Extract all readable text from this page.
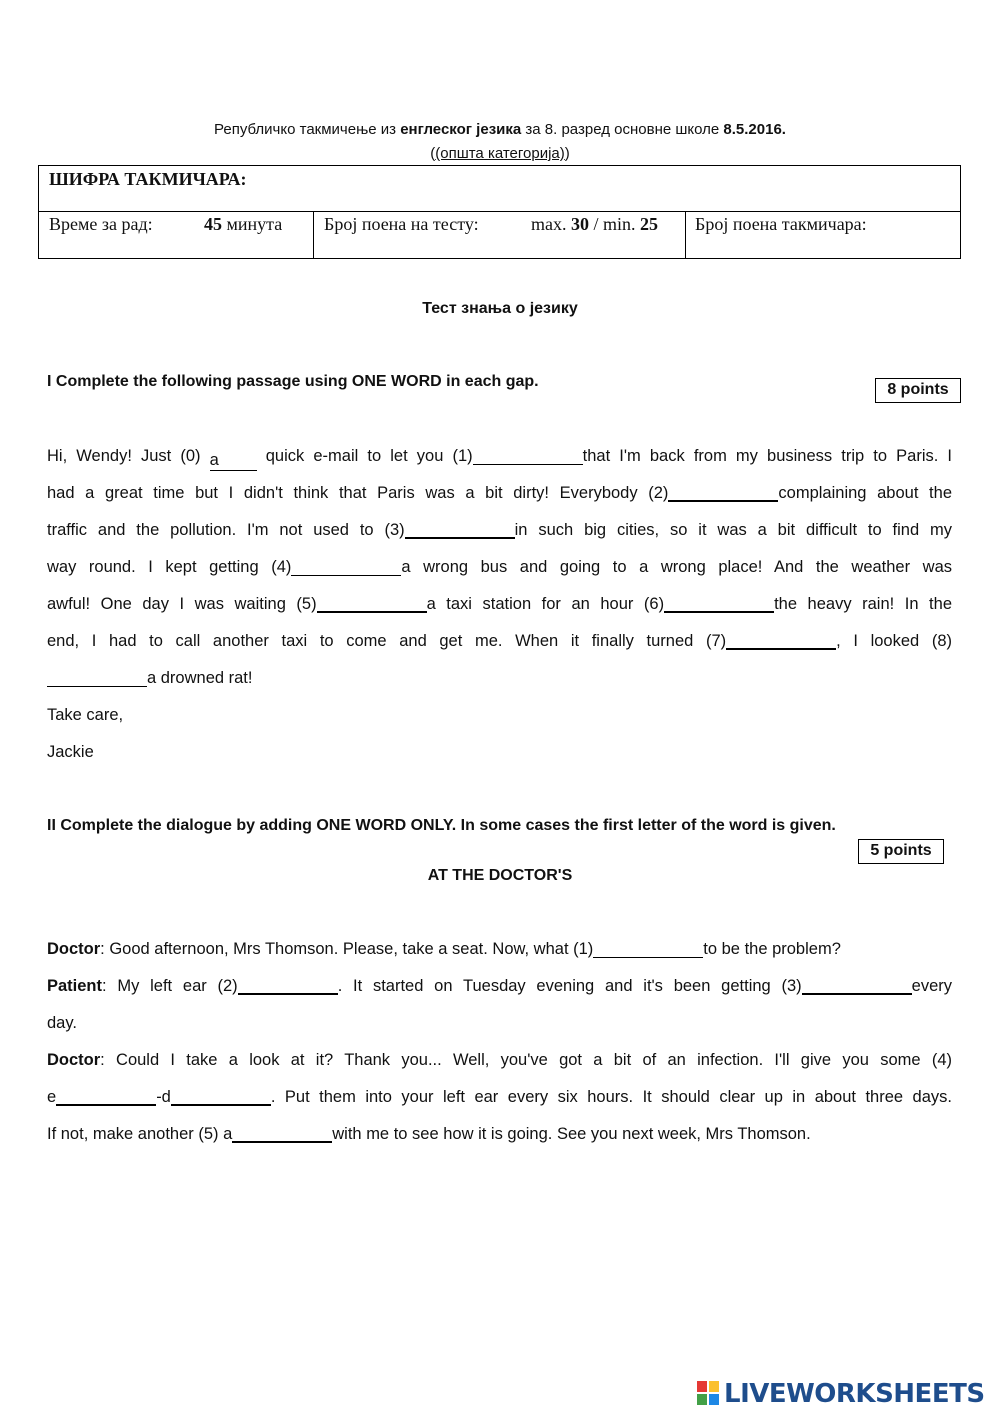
Републичко такмичење из енглеског језика за 8. разред основне школе 8.5.2016.
((општа категорија))
ШИФРА ТАКМИЧАРА:
Време за рад:	45 минута Број поена на тесту:	max. 30 / min. 25 Број поена такмичара:
Тест знања о језику
I Complete the following passage using ONE WORD in each gap.	8 points
Hi, Wendy! Just (0) a quick e-mail to let you (1)	that I'm back from my business trip to Paris. I
had a great time but I didn't think that Paris was a bit dirty! Everybody (2)	complaining about the
traffic and the pollution. I'm not used to (3)	in such big cities, so it was a bit difficult to find my
way round. I kept getting (4)	a wrong bus and going to a wrong place! And the weather was
awful! One day I was waiting (5)	a taxi station for an hour (6)	the heavy rain! In the
end, I had to call another taxi to come and get me. When it finally turned (7)	, I looked (8)
a drowned rat!
Take care,
Jackie
II Complete the dialogue by adding ONE WORD ONLY. In some cases the first letter of the word is given.
5 points
AT THE DOCTOR'S
Doctor: Good afternoon, Mrs Thomson. Please, take a seat. Now, what (1)	to be the problem?
Patient: My left ear (2)	. It started on Tuesday evening and it's been getting (3)	every
day.
Doctor: Could I take a look at it? Thank you... Well, you've got a bit of an infection. I'll give you some (4)
e	-d	. Put them into your left ear every six hours. It should clear up in about three days.
If not, make another (5) a	with me to see how it is going. See you next week, Mrs Thomson.
LIVEWORKSHEETS
